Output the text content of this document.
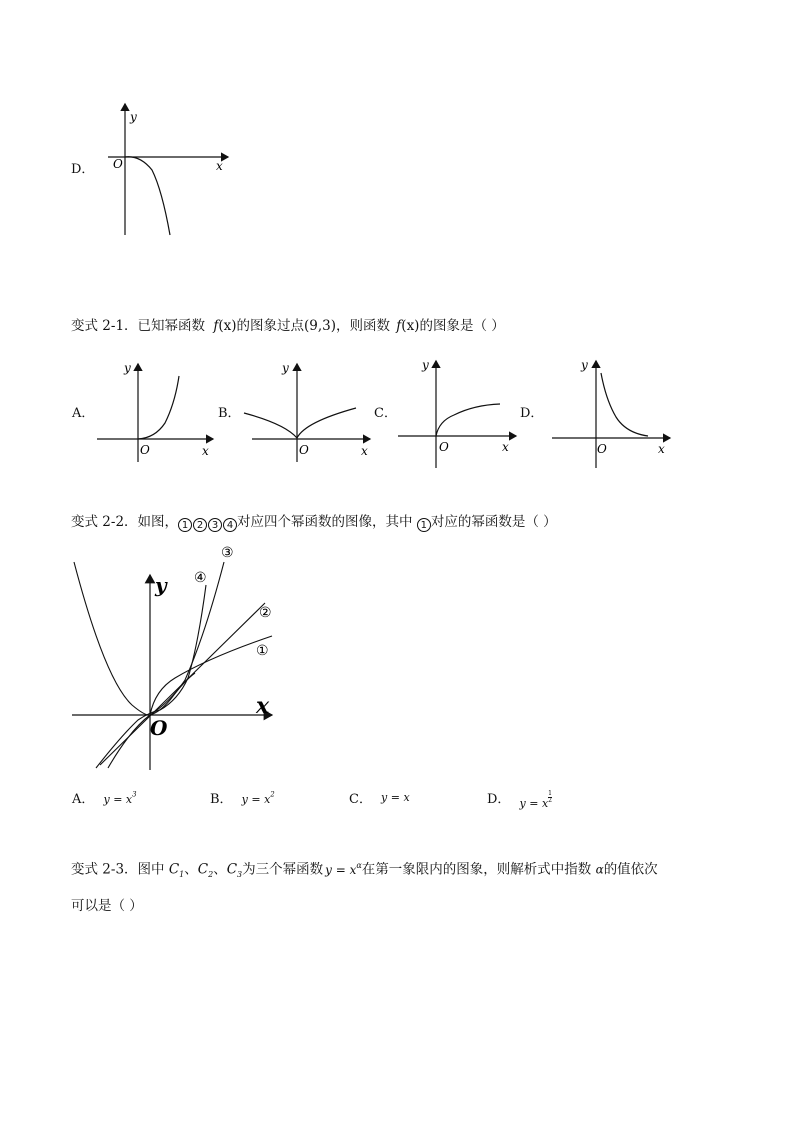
D．
y
x
O
变式 2-1．已知幂函数 f(x)的图象过点(9,3)，则函数 f(x)的图象是（ ）
A．	B．	C．	D．
y
x
O
y
x
O
y
x
O
y
x
O
变式 2-2．如图， 1 2 3 4 对应四个幂函数的图像，其中 1 对应的幂函数是（ ）
y
x
O
①
②
③
④
A． $y = x^3$	B． $y = x^2$	C． y = x	$_{D.}$ $_{y = x} \frac{1}{2}$
变式 2-3．图中 $C_1$、$C_2$、$C_3$为三个幂函数 $y = x^\alpha$在第一象限内的图象，则解析式中指数 α的值依次
可以是（ ）
